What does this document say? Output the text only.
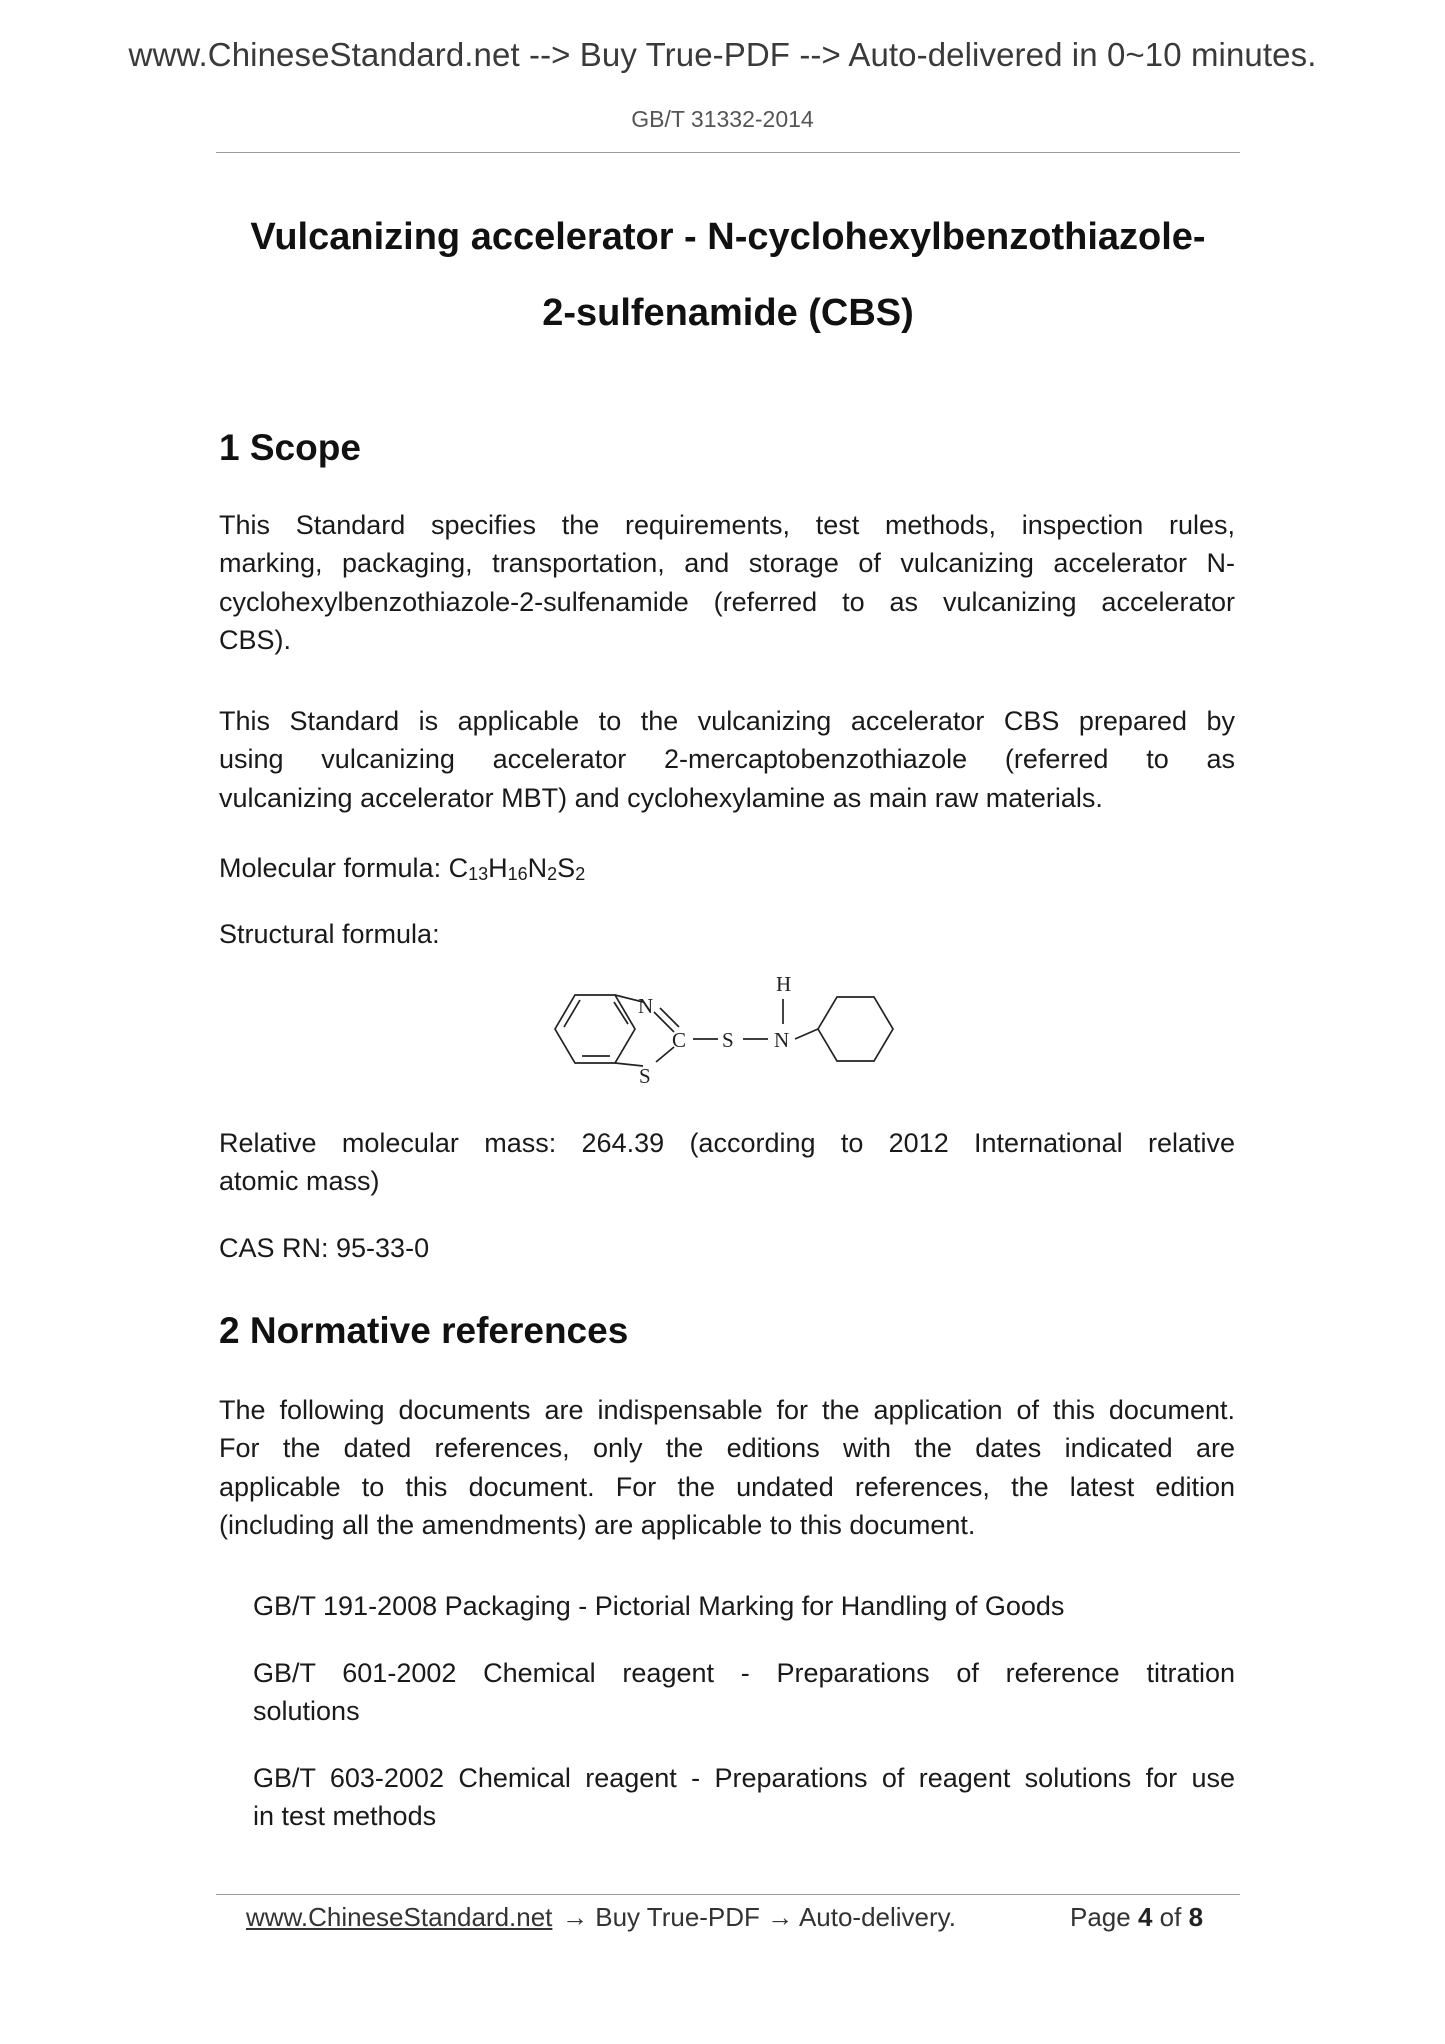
www.ChineseStandard.net --> Buy True-PDF --> Auto-delivered in 0~10 minutes.
GB/T 31332-2014
Vulcanizing accelerator - N-cyclohexylbenzothiazole-
2-sulfenamide (CBS)
1 Scope
This Standard specifies the requirements, test methods, inspection rules,
marking, packaging, transportation, and storage of vulcanizing accelerator N-
cyclohexylbenzothiazole-2-sulfenamide (referred to as vulcanizing accelerator
CBS).
This Standard is applicable to the vulcanizing accelerator CBS prepared by
using vulcanizing accelerator 2-mercaptobenzothiazole (referred to as
vulcanizing accelerator MBT) and cyclohexylamine as main raw materials.
Molecular formula: $C_{13}H_{16}N_2S_2$
Structural formula:
N
S
C S N
H
Relative molecular mass: 264.39 (according to 2012 International relative
atomic mass)
CAS RN: 95-33-0
2 Normative references
The following documents are indispensable for the application of this document.
For the dated references, only the editions with the dates indicated are
applicable to this document. For the undated references, the latest edition
(including all the amendments) are applicable to this document.
GB/T 191-2008 Packaging - Pictorial Marking for Handling of Goods
GB/T 601-2002 Chemical reagent - Preparations of reference titration
solutions
GB/T 603-2002 Chemical reagent - Preparations of reagent solutions for use
in test methods
www.ChineseStandard.net → Buy True-PDF → Auto-delivery.	Page 4 of 8
